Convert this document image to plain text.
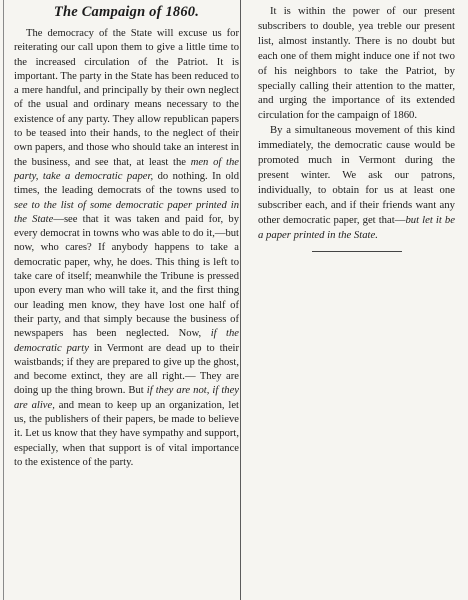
The Campaign of 1860.

The democracy of the State will excuse us for reiterating our call upon them to give a little time to the increased circulation of the Patriot. It is important. The party in the State has been reduced to a mere handful, and principally by their own neglect of the usual and ordinary means necessary to the existence of any party. They allow republican papers to be teased into their hands, to the neglect of their own papers, and those who should take an interest in the business, and see that, at least the men of the party, take a democratic paper, do nothing. In old times, the leading democrats of the towns used to see to the list of some democratic paper printed in the State—see that it was taken and paid for, by every democrat in towns who was able to do it,—but now, who cares? If anybody happens to take a democratic paper, why, he does. This thing is left to take care of itself; meanwhile the Tribune is pressed upon every man who will take it, and the first thing our leading men know, they have lost one half of their party, and that simply because the business of newspapers has been neglected. Now, if the democratic party in Vermont are dead up to their waistbands; if they are prepared to give up the ghost, and become extinct, they are all right.— They are doing up the thing brown. But if they are not, if they are alive, and mean to keep up an organization, let us, the publishers of their papers, be made to believe it. Let us know that they have sympathy and support, especially, when that support is of vital importance to the existence of the party.

It is within the power of our present subscribers to double, yea treble our present list, almost instantly. There is no doubt but each one of them might induce one if not two of his neighbors to take the Patriot, by specially calling their attention to the matter, and urging the importance of its extended circulation for the campaign of 1860.

By a simultaneous movement of this kind immediately, the democratic cause would be promoted much in Vermont during the present winter. We ask our patrons, individually, to obtain for us at least one subscriber each, and if their friends want any other democratic paper, get that—but let it be a paper printed in the State.
